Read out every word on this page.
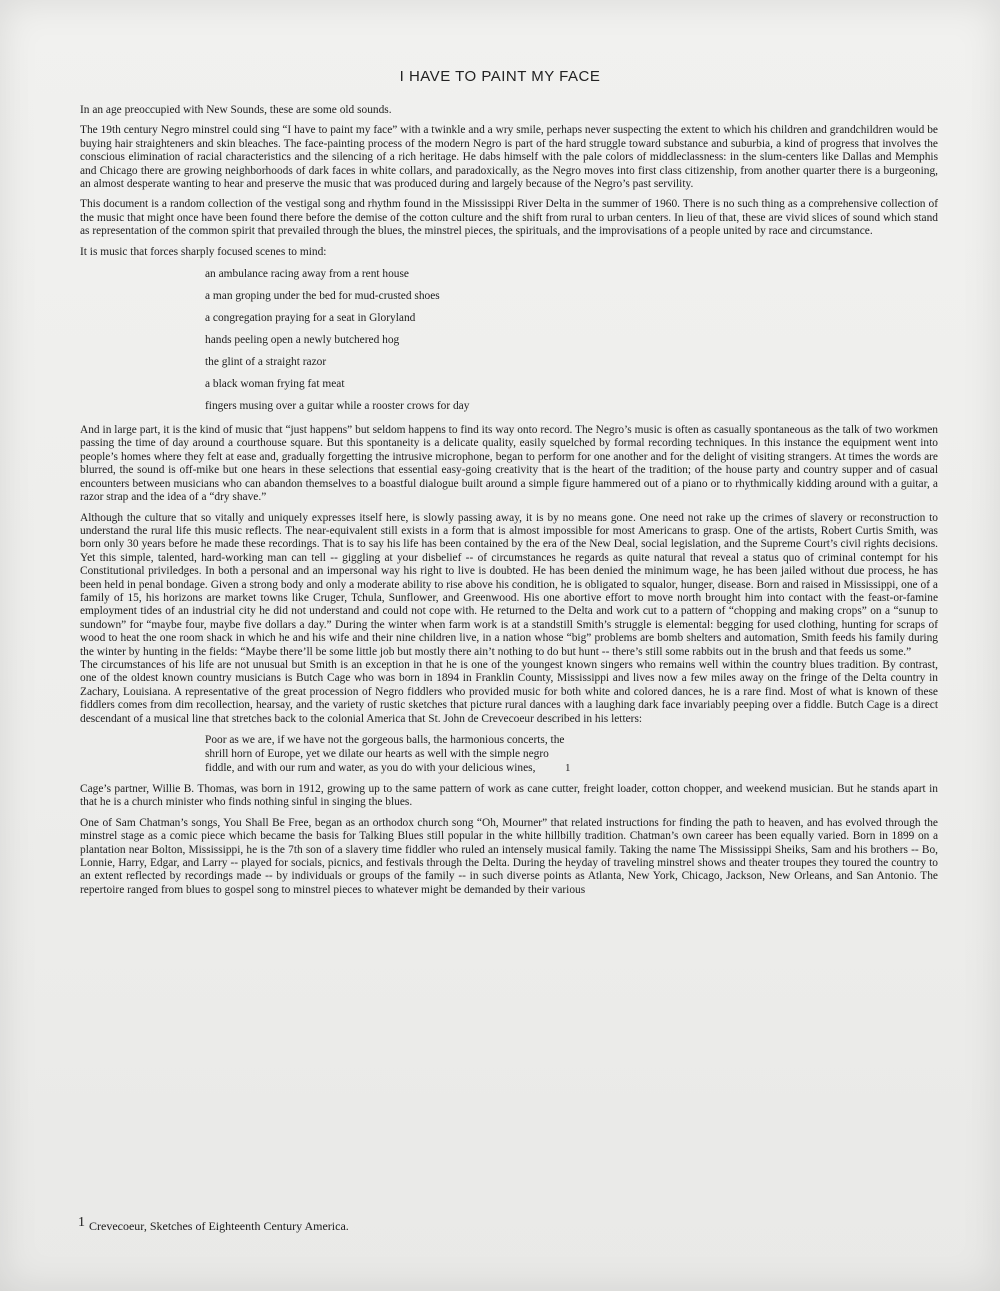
I HAVE TO PAINT MY FACE

In an age preoccupied with New Sounds, these are some old sounds.

The 19th century Negro minstrel could sing “I have to paint my face” with a twinkle and a wry smile, perhaps never suspecting the extent to which his children and grandchildren would be buying hair straighteners and skin bleaches. The face-painting process of the modern Negro is part of the hard struggle toward substance and suburbia, a kind of progress that involves the conscious elimination of racial characteristics and the silencing of a rich heritage. He dabs himself with the pale colors of middleclassness: in the slum-centers like Dallas and Memphis and Chicago there are growing neighborhoods of dark faces in white collars, and paradoxically, as the Negro moves into first class citizenship, from another quarter there is a burgeoning, an almost desperate wanting to hear and preserve the music that was produced during and largely because of the Negro’s past servility.

This document is a random collection of the vestigal song and rhythm found in the Mississippi River Delta in the summer of 1960. There is no such thing as a comprehensive collection of the music that might once have been found there before the demise of the cotton culture and the shift from rural to urban centers. In lieu of that, these are vivid slices of sound which stand as representation of the common spirit that prevailed through the blues, the minstrel pieces, the spirituals, and the improvisations of a people united by race and circumstance.

It is music that forces sharply focused scenes to mind:

an ambulance racing away from a rent house
a man groping under the bed for mud-crusted shoes
a congregation praying for a seat in Gloryland
hands peeling open a newly butchered hog
the glint of a straight razor
a black woman frying fat meat
fingers musing over a guitar while a rooster crows for day

And in large part, it is the kind of music that “just happens” but seldom happens to find its way onto record. The Negro’s music is often as casually spontaneous as the talk of two workmen passing the time of day around a courthouse square. But this spontaneity is a delicate quality, easily squelched by formal recording techniques. In this instance the equipment went into people’s homes where they felt at ease and, gradually forgetting the intrusive microphone, began to perform for one another and for the delight of visiting strangers. At times the words are blurred, the sound is off-mike but one hears in these selections that essential easy-going creativity that is the heart of the tradition; of the house party and country supper and of casual encounters between musicians who can abandon themselves to a boastful dialogue built around a simple figure hammered out of a piano or to rhythmically kidding around with a guitar, a razor strap and the idea of a “dry shave.”

Although the culture that so vitally and uniquely expresses itself here, is slowly passing away, it is by no means gone. One need not rake up the crimes of slavery or reconstruction to understand the rural life this music reflects. The near-equivalent still exists in a form that is almost impossible for most Americans to grasp. One of the artists, Robert Curtis Smith, was born only 30 years before he made these recordings. That is to say his life has been contained by the era of the New Deal, social legislation, and the Supreme Court’s civil rights decisions. Yet this simple, talented, hard-working man can tell -- giggling at your disbelief -- of circumstances he regards as quite natural that reveal a status quo of criminal contempt for his Constitutional priviledges. In both a personal and an impersonal way his right to live is doubted. He has been denied the minimum wage, he has been jailed without due process, he has been held in penal bondage. Given a strong body and only a moderate ability to rise above his condition, he is obligated to squalor, hunger, disease. Born and raised in Mississippi, one of a family of 15, his horizons are market towns like Cruger, Tchula, Sunflower, and Greenwood. His one abortive effort to move north brought him into contact with the feast-or-famine employment tides of an industrial city he did not understand and could not cope with. He returned to the Delta and work cut to a pattern of “chopping and making crops” on a “sunup to sundown” for “maybe four, maybe five dollars a day.” During the winter when farm work is at a standstill Smith’s struggle is elemental: begging for used clothing, hunting for scraps of wood to heat the one room shack in which he and his wife and their nine children live, in a nation whose “big” problems are bomb shelters and automation, Smith feeds his family during the winter by hunting in the fields: “Maybe there’ll be some little job but mostly there ain’t nothing to do but hunt -- there’s still some rabbits out in the brush and that feeds us some.”

The circumstances of his life are not unusual but Smith is an exception in that he is one of the youngest known singers who remains well within the country blues tradition. By contrast, one of the oldest known country musicians is Butch Cage who was born in 1894 in Franklin County, Mississippi and lives now a few miles away on the fringe of the Delta country in Zachary, Louisiana. A representative of the great procession of Negro fiddlers who provided music for both white and colored dances, he is a rare find. Most of what is known of these fiddlers comes from dim recollection, hearsay, and the variety of rustic sketches that picture rural dances with a laughing dark face invariably peeping over a fiddle. Butch Cage is a direct descendant of a musical line that stretches back to the colonial America that St. John de Crevecoeur described in his letters:

Poor as we are, if we have not the gorgeous balls, the harmonious concerts, the shrill horn of Europe, yet we dilate our hearts as well with the simple negro fiddle, and with our rum and water, as you do with your delicious wines,	1

Cage’s partner, Willie B. Thomas, was born in 1912, growing up to the same pattern of work as cane cutter, freight loader, cotton chopper, and weekend musician. But he stands apart in that he is a church minister who finds nothing sinful in singing the blues.

One of Sam Chatman’s songs, You Shall Be Free, began as an orthodox church song “Oh, Mourner” that related instructions for finding the path to heaven, and has evolved through the minstrel stage as a comic piece which became the basis for Talking Blues still popular in the white hillbilly tradition. Chatman’s own career has been equally varied. Born in 1899 on a plantation near Bolton, Mississippi, he is the 7th son of a slavery time fiddler who ruled an intensely musical family. Taking the name The Mississippi Sheiks, Sam and his brothers -- Bo, Lonnie, Harry, Edgar, and Larry -- played for socials, picnics, and festivals through the Delta. During the heyday of traveling minstrel shows and theater troupes they toured the country to an extent reflected by recordings made -- by individuals or groups of the family -- in such diverse points as Atlanta, New York, Chicago, Jackson, New Orleans, and San Antonio. The repertoire ranged from blues to gospel song to minstrel pieces to whatever might be demanded by their various

$^1$ Crevecoeur, Sketches of Eighteenth Century America.
